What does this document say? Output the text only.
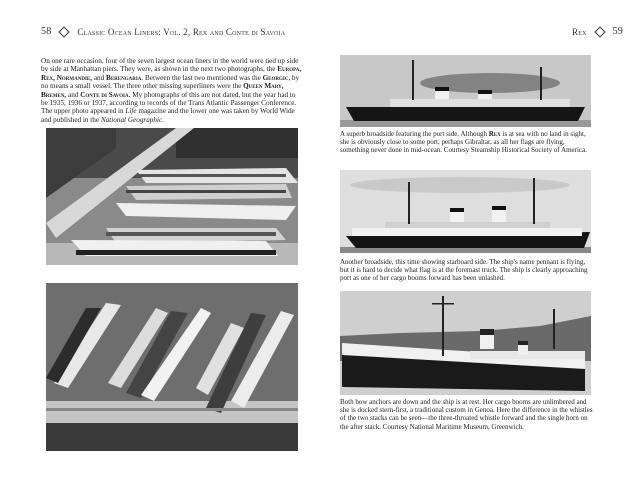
58	Classic Ocean Liners: Vol. 2, Rex and Conte di Savoia
On one rare occasion, four of the seven largest ocean liners in the world were tied up side by side at Manhattan piers. They were, as shown in the next two photographs, the Europa, Rex, Normandie, and Berengaria. Between the last two mentioned was the Georgic, by no means a small vessel. The three other missing superliners were the Queen Mary, Bremen, and Conte di Savoia. My photographs of this are not dated, but the year had to be 1935, 1936 or 1937, according to records of the Trans Atlantic Passenger Conference. The upper photo appeared in Life magazine and the lower one was taken by World Wide and published in the National Geographic.
Rex	59
A superb broadside featuring the port side. Although Rex is at sea with no land in sight, she is obviously close to some port, perhaps Gibraltar, as all her flags are flying, something never done in mid-ocean. Courtesy Steamship Historical Society of America.
Another broadside, this time showing starboard side. The ship's name pennant is flying, but it is hard to decide what flag is at the foremast truck. The ship is clearly approaching port as one of her cargo booms forward has been unlashed.
Both bow anchors are down and the ship is at rest. Her cargo booms are unlimbered and she is docked stern-first, a traditional custom in Genoa. Here the difference in the whistles of the two stacks can be seen—the three-throated whistle forward and the single horn on the after stack. Courtesy National Maritime Museum, Greenwich.
